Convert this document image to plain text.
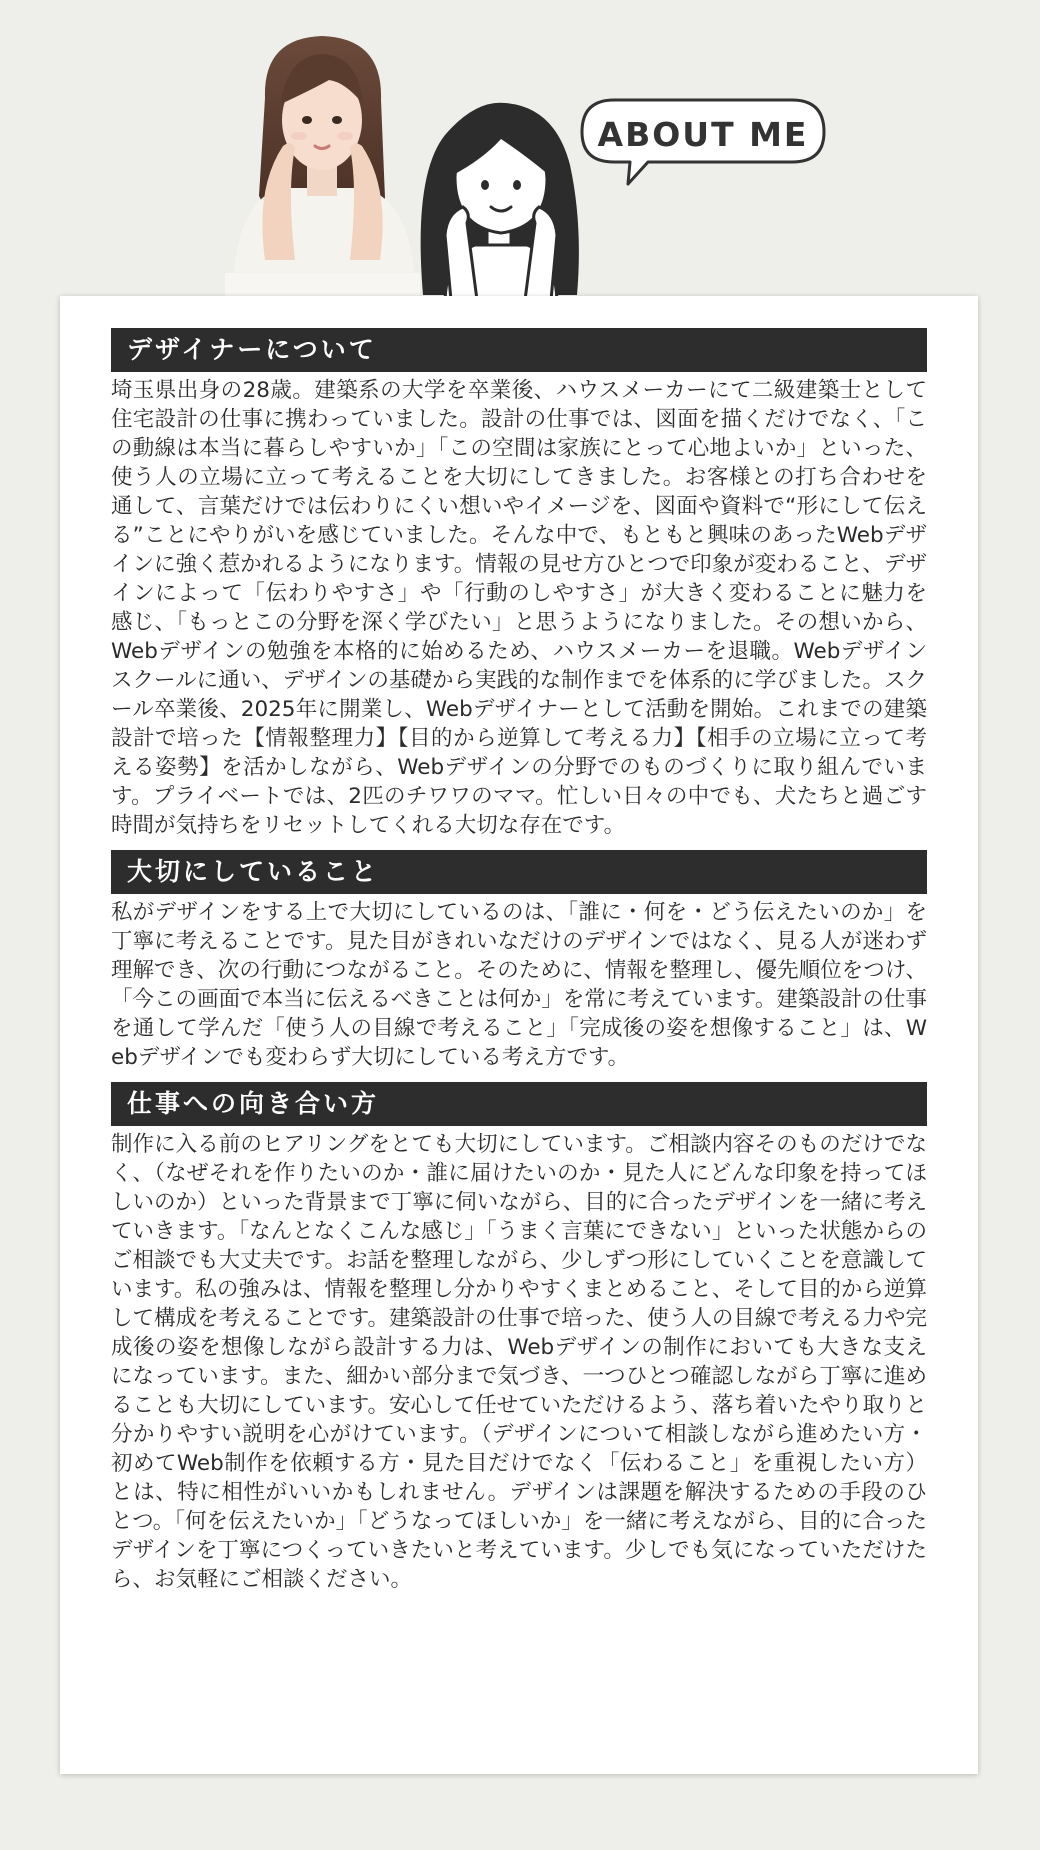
ABOUT ME
デザイナーについて

埼玉県出身の28歳。建築系の大学を卒業後、ハウスメーカーにて二級建築士として住宅設計の仕事に携わっていました。設計の仕事では、図面を描くだけでなく、「この動線は本当に暮らしやすいか」「この空間は家族にとって心地よいか」といった、使う人の立場に立って考えることを大切にしてきました。お客様との打ち合わせを通して、言葉だけでは伝わりにくい想いやイメージを、図面や資料で“形にして伝える”ことにやりがいを感じていました。そんな中で、もともと興味のあったWebデザインに強く惹かれるようになります。情報の見せ方ひとつで印象が変わること、デザインによって「伝わりやすさ」や「行動のしやすさ」が大きく変わることに魅力を感じ、「もっとこの分野を深く学びたい」と思うようになりました。その想いから、Webデザインの勉強を本格的に始めるため、ハウスメーカーを退職。Webデザインスクールに通い、デザインの基礎から実践的な制作までを体系的に学びました。スクール卒業後、2025年に開業し、Webデザイナーとして活動を開始。これまでの建築設計で培った【情報整理力】【目的から逆算して考える力】【相手の立場に立って考える姿勢】を活かしながら、Webデザインの分野でのものづくりに取り組んでいます。プライベートでは、2匹のチワワのママ。忙しい日々の中でも、犬たちと過ごす時間が気持ちをリセットしてくれる大切な存在です。

大切にしていること

私がデザインをする上で大切にしているのは、「誰に・何を・どう伝えたいのか」を丁寧に考えることです。見た目がきれいなだけのデザインではなく、見る人が迷わず理解でき、次の行動につながること。そのために、情報を整理し、優先順位をつけ、「今この画面で本当に伝えるべきことは何か」を常に考えています。建築設計の仕事を通して学んだ「使う人の目線で考えること」「完成後の姿を想像すること」は、Webデザインでも変わらず大切にしている考え方です。

仕事への向き合い方

制作に入る前のヒアリングをとても大切にしています。ご相談内容そのものだけでなく、（なぜそれを作りたいのか・誰に届けたいのか・見た人にどんな印象を持ってほしいのか）といった背景まで丁寧に伺いながら、目的に合ったデザインを一緒に考えていきます。「なんとなくこんな感じ」「うまく言葉にできない」といった状態からのご相談でも大丈夫です。お話を整理しながら、少しずつ形にしていくことを意識しています。私の強みは、情報を整理し分かりやすくまとめること、そして目的から逆算して構成を考えることです。建築設計の仕事で培った、使う人の目線で考える力や完成後の姿を想像しながら設計する力は、Webデザインの制作においても大きな支えになっています。また、細かい部分まで気づき、一つひとつ確認しながら丁寧に進めることも大切にしています。安心して任せていただけるよう、落ち着いたやり取りと分かりやすい説明を心がけています。（デザインについて相談しながら進めたい方・初めてWeb制作を依頼する方・見た目だけでなく「伝わること」を重視したい方）とは、特に相性がいいかもしれません。デザインは課題を解決するための手段のひとつ。「何を伝えたいか」「どうなってほしいか」を一緒に考えながら、目的に合ったデザインを丁寧につくっていきたいと考えています。少しでも気になっていただけたら、お気軽にご相談ください。
